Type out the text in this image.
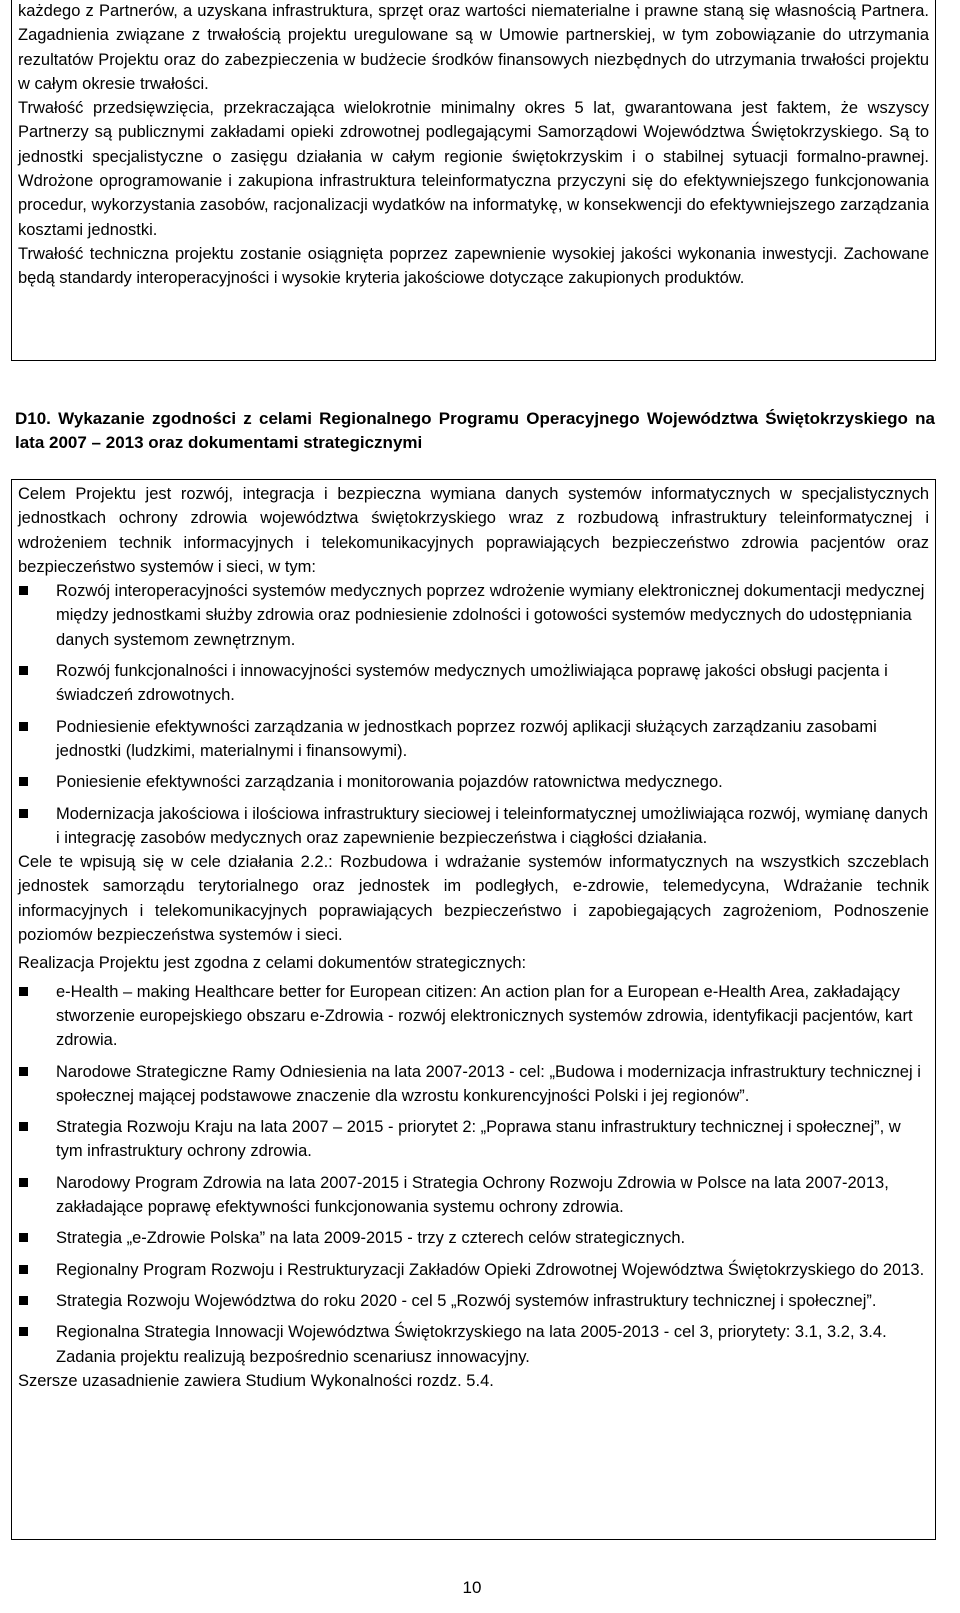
każdego z Partnerów, a uzyskana infrastruktura, sprzęt oraz wartości niematerialne i prawne staną się własnością Partnera. Zagadnienia związane z trwałością projektu uregulowane są w Umowie partnerskiej, w tym zobowiązanie do utrzymania rezultatów Projektu oraz do zabezpieczenia w budżecie środków finansowych niezbędnych do utrzymania trwałości projektu w całym okresie trwałości.

Trwałość przedsięwzięcia, przekraczająca wielokrotnie minimalny okres 5 lat, gwarantowana jest faktem, że wszyscy Partnerzy są publicznymi zakładami opieki zdrowotnej podlegającymi Samorządowi Województwa Świętokrzyskiego. Są to jednostki specjalistyczne o zasięgu działania w całym regionie świętokrzyskim i o stabilnej sytuacji formalno-prawnej. Wdrożone oprogramowanie i zakupiona infrastruktura teleinformatyczna przyczyni się do efektywniejszego funkcjonowania procedur, wykorzystania zasobów, racjonalizacji wydatków na informatykę, w konsekwencji do efektywniejszego zarządzania kosztami jednostki.

Trwałość techniczna projektu zostanie osiągnięta poprzez zapewnienie wysokiej jakości wykonania inwestycji. Zachowane będą standardy interoperacyjności i wysokie kryteria jakościowe dotyczące zakupionych produktów.

D10. Wykazanie zgodności z celami Regionalnego Programu Operacyjnego Województwa Świętokrzyskiego na lata 2007 – 2013 oraz dokumentami strategicznymi

Celem Projektu jest rozwój, integracja i bezpieczna wymiana danych systemów informatycznych w specjalistycznych jednostkach ochrony zdrowia województwa świętokrzyskiego wraz z rozbudową infrastruktury teleinformatycznej i wdrożeniem technik informacyjnych i telekomunikacyjnych poprawiających bezpieczeństwo zdrowia pacjentów oraz bezpieczeństwo systemów i sieci, w tym:

Rozwój interoperacyjności systemów medycznych poprzez wdrożenie wymiany elektronicznej dokumentacji medycznej między jednostkami służby zdrowia oraz podniesienie zdolności i gotowości systemów medycznych do udostępniania danych systemom zewnętrznym.
Rozwój funkcjonalności i innowacyjności systemów medycznych umożliwiająca poprawę jakości obsługi pacjenta i świadczeń zdrowotnych.
Podniesienie efektywności zarządzania w jednostkach poprzez rozwój aplikacji służących zarządzaniu zasobami jednostki (ludzkimi, materialnymi i finansowymi).
Poniesienie efektywności zarządzania i monitorowania pojazdów ratownictwa medycznego.
Modernizacja jakościowa i ilościowa infrastruktury sieciowej i teleinformatycznej umożliwiająca rozwój, wymianę danych i integrację zasobów medycznych oraz zapewnienie bezpieczeństwa i ciągłości działania.

Cele te wpisują się w cele działania 2.2.: Rozbudowa i wdrażanie systemów informatycznych na wszystkich szczeblach jednostek samorządu terytorialnego oraz jednostek im podległych, e-zdrowie, telemedycyna, Wdrażanie technik informacyjnych i telekomunikacyjnych poprawiających bezpieczeństwo i zapobiegających zagrożeniom, Podnoszenie poziomów bezpieczeństwa systemów i sieci.

Realizacja Projektu jest zgodna z celami dokumentów strategicznych:

e-Health – making Healthcare better for European citizen: An action plan for a European e-Health Area, zakładający stworzenie europejskiego obszaru e-Zdrowia - rozwój elektronicznych systemów zdrowia, identyfikacji pacjentów, kart zdrowia.
Narodowe Strategiczne Ramy Odniesienia na lata 2007-2013 - cel: „Budowa i modernizacja infrastruktury technicznej i społecznej mającej podstawowe znaczenie dla wzrostu konkurencyjności Polski i jej regionów”.
Strategia Rozwoju Kraju na lata 2007 – 2015 - priorytet 2: „Poprawa stanu infrastruktury technicznej i społecznej”, w tym infrastruktury ochrony zdrowia.
Narodowy Program Zdrowia na lata 2007-2015 i Strategia Ochrony Rozwoju Zdrowia w Polsce na lata 2007-2013, zakładające poprawę efektywności funkcjonowania systemu ochrony zdrowia.
Strategia „e-Zdrowie Polska” na lata 2009-2015 - trzy z czterech celów strategicznych.
Regionalny Program Rozwoju i Restrukturyzacji Zakładów Opieki Zdrowotnej Województwa Świętokrzyskiego do 2013.
Strategia Rozwoju Województwa do roku 2020 - cel 5 „Rozwój systemów infrastruktury technicznej i społecznej”.
Regionalna Strategia Innowacji Województwa Świętokrzyskiego na lata 2005-2013 - cel 3, priorytety: 3.1, 3.2, 3.4. Zadania projektu realizują bezpośrednio scenariusz innowacyjny.

Szersze uzasadnienie zawiera Studium Wykonalności rozdz. 5.4.

10
